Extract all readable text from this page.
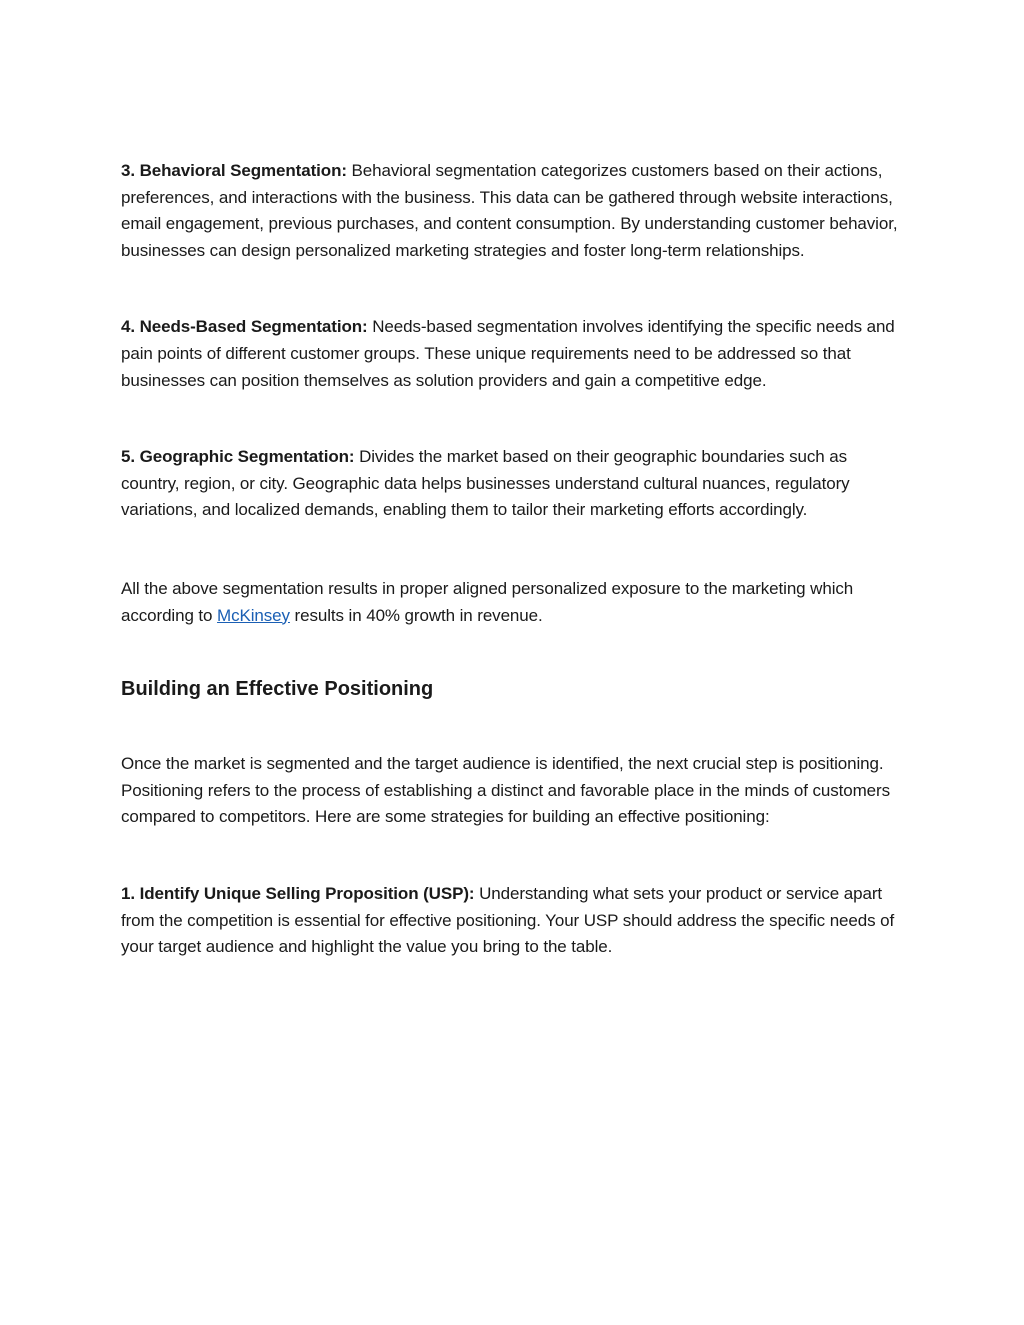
3. Behavioral Segmentation: Behavioral segmentation categorizes customers based on their actions, preferences, and interactions with the business. This data can be gathered through website interactions, email engagement, previous purchases, and content consumption. By understanding customer behavior, businesses can design personalized marketing strategies and foster long-term relationships.

4. Needs-Based Segmentation: Needs-based segmentation involves identifying the specific needs and pain points of different customer groups. These unique requirements need to be addressed so that businesses can position themselves as solution providers and gain a competitive edge.

5. Geographic Segmentation: Divides the market based on their geographic boundaries such as country, region, or city. Geographic data helps businesses understand cultural nuances, regulatory variations, and localized demands, enabling them to tailor their marketing efforts accordingly.

All the above segmentation results in proper aligned personalized exposure to the marketing which according to McKinsey results in 40% growth in revenue.

Building an Effective Positioning

Once the market is segmented and the target audience is identified, the next crucial step is positioning. Positioning refers to the process of establishing a distinct and favorable place in the minds of customers compared to competitors. Here are some strategies for building an effective positioning:

1. Identify Unique Selling Proposition (USP): Understanding what sets your product or service apart from the competition is essential for effective positioning. Your USP should address the specific needs of your target audience and highlight the value you bring to the table.
